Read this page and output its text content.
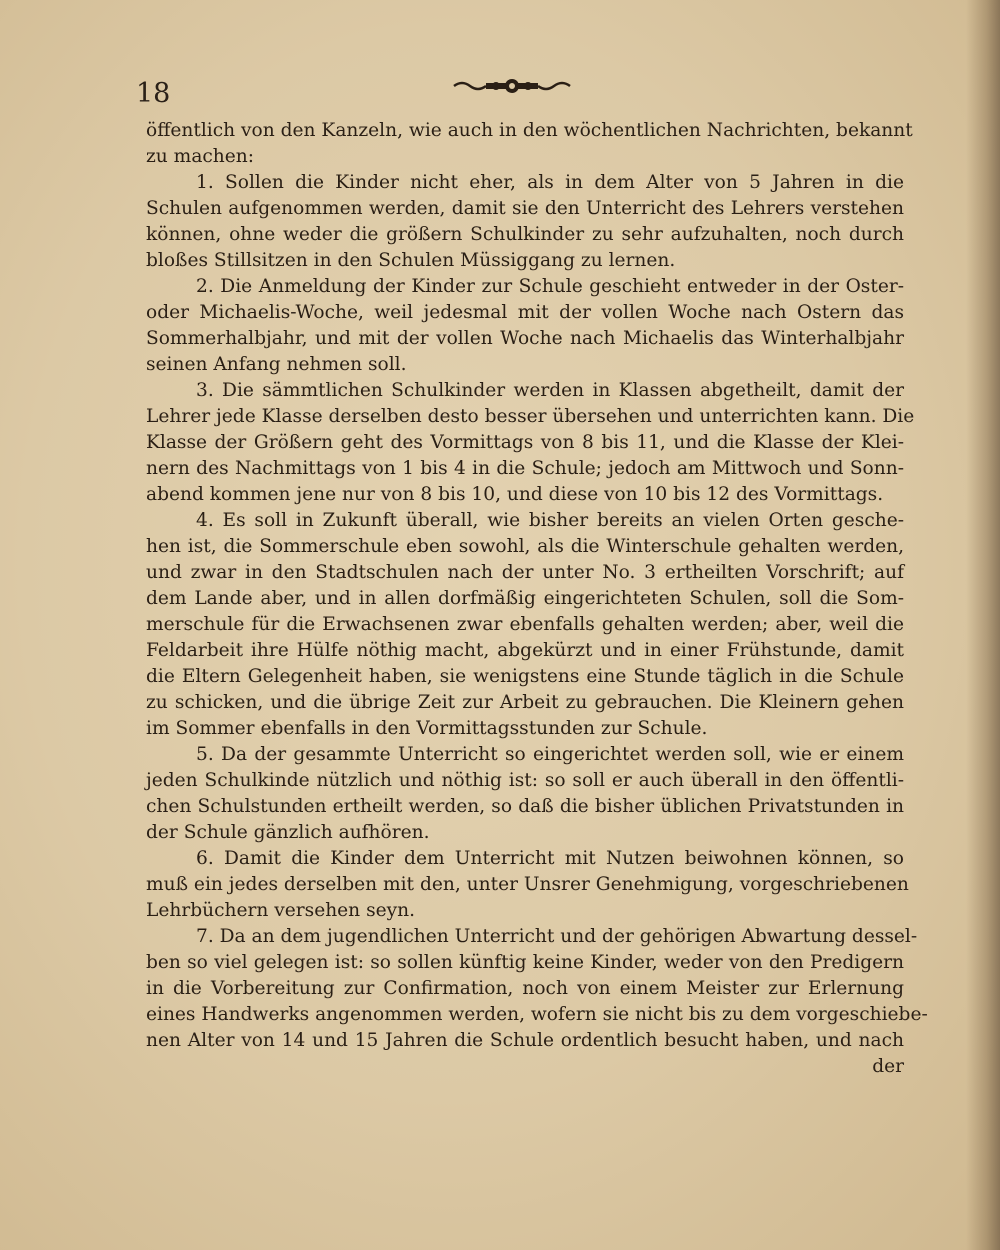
18
öffentlich von den Kanzeln, wie auch in den wöchentlichen Nachrichten, bekannt
zu machen:
1. Sollen die Kinder nicht eher, als in dem Alter von 5 Jahren in die
Schulen aufgenommen werden, damit sie den Unterricht des Lehrers verstehen
können, ohne weder die größern Schulkinder zu sehr aufzuhalten, noch durch
bloßes Stillsitzen in den Schulen Müssiggang zu lernen.
2. Die Anmeldung der Kinder zur Schule geschieht entweder in der Oster-
oder Michaelis-Woche, weil jedesmal mit der vollen Woche nach Ostern das
Sommerhalbjahr, und mit der vollen Woche nach Michaelis das Winterhalbjahr
seinen Anfang nehmen soll.
3. Die sämmtlichen Schulkinder werden in Klassen abgetheilt, damit der
Lehrer jede Klasse derselben desto besser übersehen und unterrichten kann. Die
Klasse der Größern geht des Vormittags von 8 bis 11, und die Klasse der Klei-
nern des Nachmittags von 1 bis 4 in die Schule; jedoch am Mittwoch und Sonn-
abend kommen jene nur von 8 bis 10, und diese von 10 bis 12 des Vormittags.
4. Es soll in Zukunft überall, wie bisher bereits an vielen Orten gesche-
hen ist, die Sommerschule eben sowohl, als die Winterschule gehalten werden,
und zwar in den Stadtschulen nach der unter No. 3 ertheilten Vorschrift; auf
dem Lande aber, und in allen dorfmäßig eingerichteten Schulen, soll die Som-
merschule für die Erwachsenen zwar ebenfalls gehalten werden; aber, weil die
Feldarbeit ihre Hülfe nöthig macht, abgekürzt und in einer Frühstunde, damit
die Eltern Gelegenheit haben, sie wenigstens eine Stunde täglich in die Schule
zu schicken, und die übrige Zeit zur Arbeit zu gebrauchen. Die Kleinern gehen
im Sommer ebenfalls in den Vormittagsstunden zur Schule.
5. Da der gesammte Unterricht so eingerichtet werden soll, wie er einem
jeden Schulkinde nützlich und nöthig ist: so soll er auch überall in den öffentli-
chen Schulstunden ertheilt werden, so daß die bisher üblichen Privatstunden in
der Schule gänzlich aufhören.
6. Damit die Kinder dem Unterricht mit Nutzen beiwohnen können, so
muß ein jedes derselben mit den, unter Unsrer Genehmigung, vorgeschriebenen
Lehrbüchern versehen seyn.
7. Da an dem jugendlichen Unterricht und der gehörigen Abwartung dessel-
ben so viel gelegen ist: so sollen künftig keine Kinder, weder von den Predigern
in die Vorbereitung zur Confirmation, noch von einem Meister zur Erlernung
eines Handwerks angenommen werden, wofern sie nicht bis zu dem vorgeschiebe-
nen Alter von 14 und 15 Jahren die Schule ordentlich besucht haben, und nach
der
